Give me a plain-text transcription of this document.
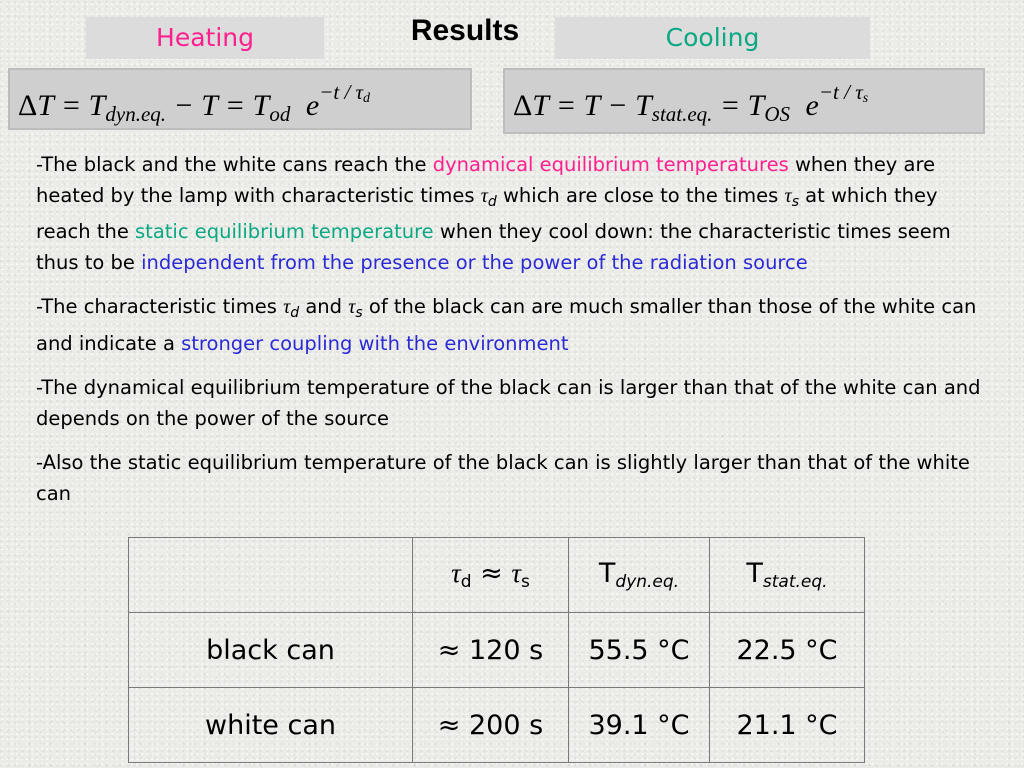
Heating	Results	Cooling
$\Delta T = T_{dyn.eq.} - T = T_{od}$ $e^{-t / \tau_d}$	$\Delta T = T - T_{stat.eq.} = T_{OS}$ $e^{-t / \tau_s}$

-The black and the white cans reach the dynamical equilibrium temperatures when they are heated by the lamp with characteristic times $\tau_d$ which are close to the times $\tau_s$ at which they reach the static equilibrium temperature when they cool down: the characteristic times seem thus to be independent from the presence or the power of the radiation source

-The characteristic times $\tau_d$ and $\tau_s$ of the black can are much smaller than those of the white can and indicate a stronger coupling with the environment

-The dynamical equilibrium temperature of the black can is larger than that of the white can and depends on the power of the source

-Also the static equilibrium temperature of the black can is slightly larger than that of the white can

	τd ≈ τs	Tdyn.eq.	Tstat.eq.
black can	≈ 120 s	55.5 °C	22.5 °C
white can	≈ 200 s	39.1 °C	21.1 °C
